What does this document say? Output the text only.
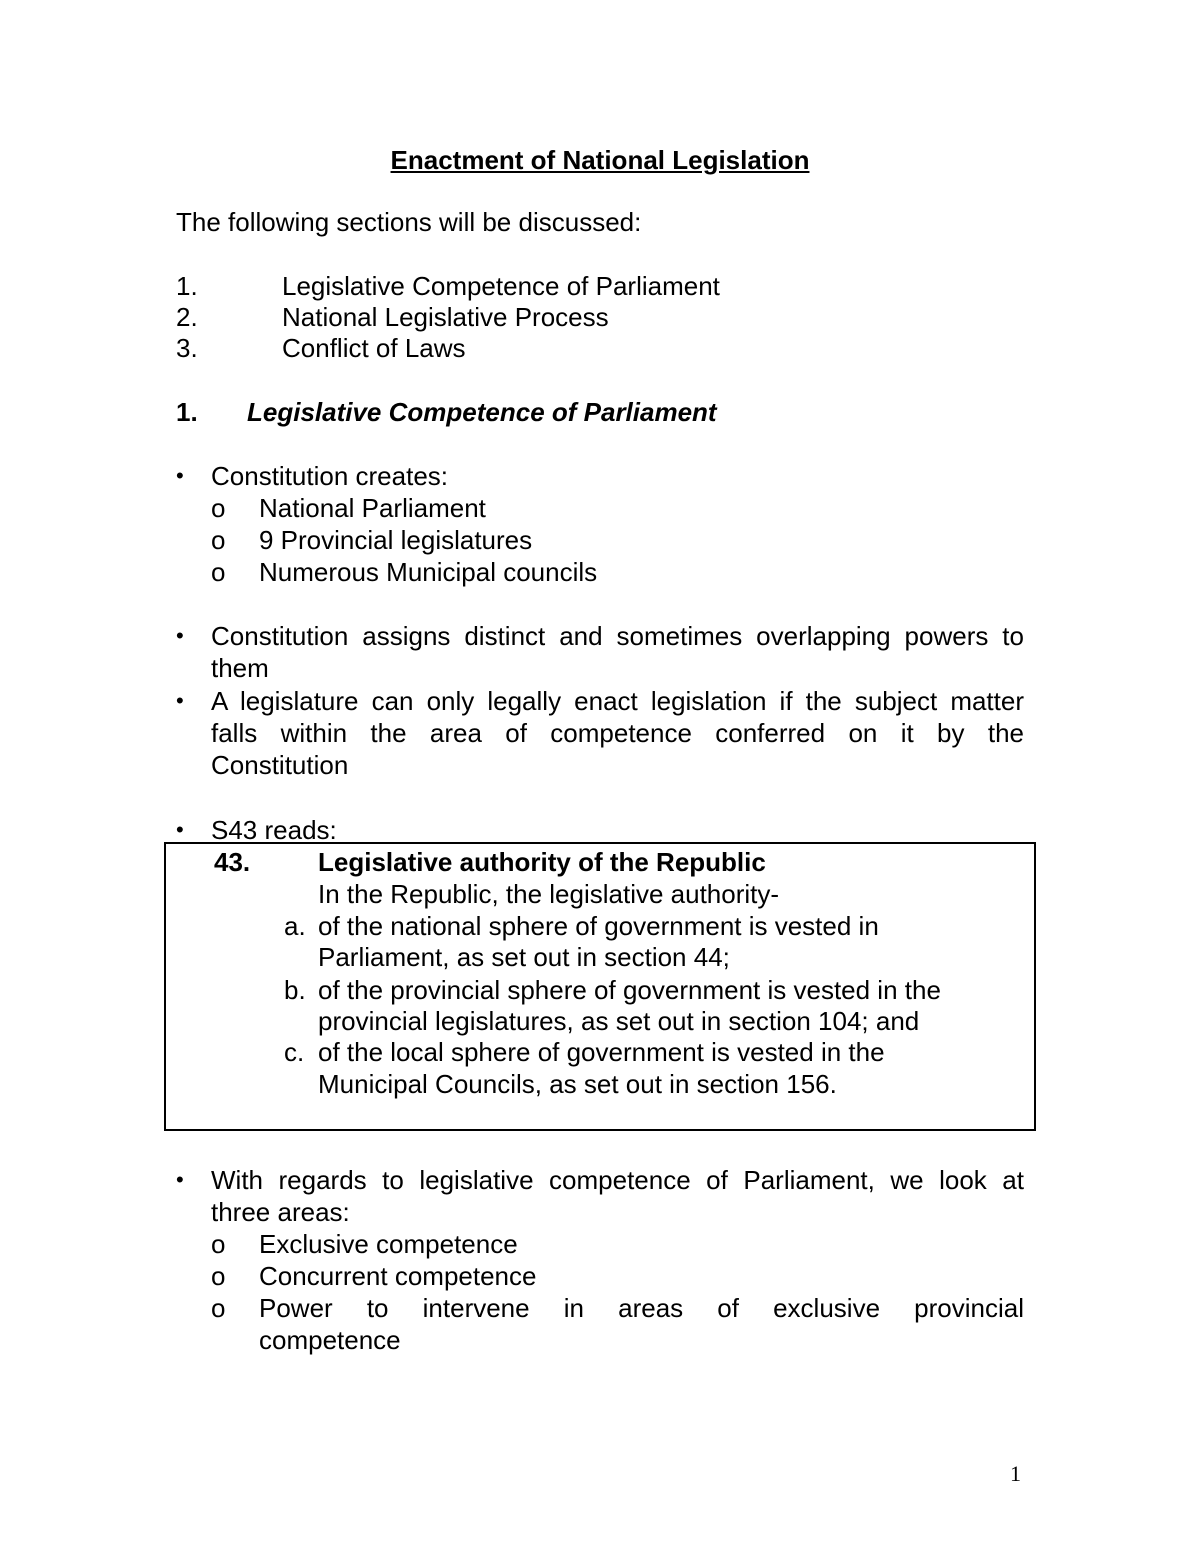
Enactment of National Legislation
The following sections will be discussed:
1.	Legislative Competence of Parliament
2.	National Legislative Process
3.	Conflict of Laws
1. Legislative Competence of Parliament
• Constitution creates:
o National Parliament
o 9 Provincial legislatures
o Numerous Municipal councils
• Constitution assigns distinct and sometimes overlapping powers to
them
• A legislature can only legally enact legislation if the subject matter
falls within the area of competence conferred on it by the
Constitution
• S43 reads:
43.	Legislative authority of the Republic
In the Republic, the legislative authority-
a. of the national sphere of government is vested in
Parliament, as set out in section 44;
b. of the provincial sphere of government is vested in the
provincial legislatures, as set out in section 104; and
c. of the local sphere of government is vested in the
Municipal Councils, as set out in section 156.
• With regards to legislative competence of Parliament, we look at
three areas:
o Exclusive competence
o Concurrent competence
o Power to intervene in areas of exclusive provincial
competence
1
